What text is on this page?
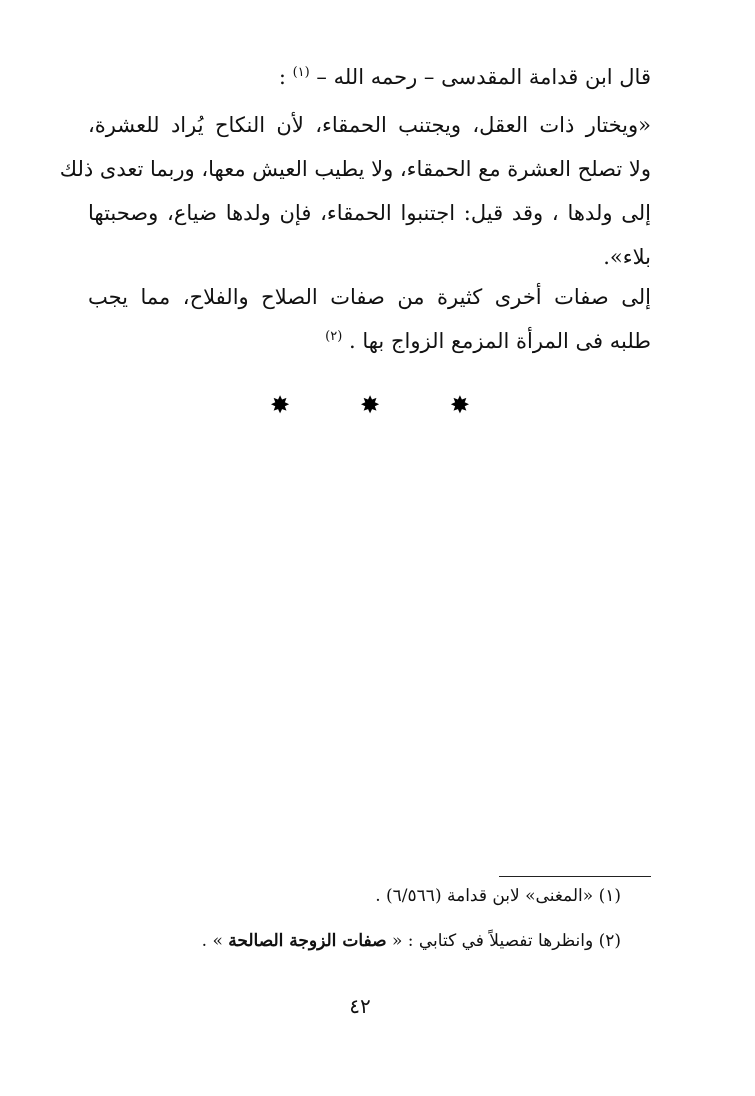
قال ابن قدامة المقدسى – رحمه الله – $^{(١)}$ :
«ويختار ذات العقل، ويجتنب الحمقاء، لأن النكاح يُراد للعشرة،
ولا تصلح العشرة مع الحمقاء، ولا يطيب العيش معها، وربما تعدى ذلك
إلى ولدها ، وقد قيل: اجتنبوا الحمقاء، فإن ولدها ضياع، وصحبتها
بلاء».
إلى صفات أخرى كثيرة من صفات الصلاح والفلاح، مما يجب
طلبه فى المرأة المزمع الزواج بها . $^{(٢)}$
✸	✸	✸
(١) «المغنى» لابن قدامة (٦/٥٦٦) .
(٢) وانظرها تفصيلاً في كتابي : « صفات الزوجة الصالحة » .
٤٢
